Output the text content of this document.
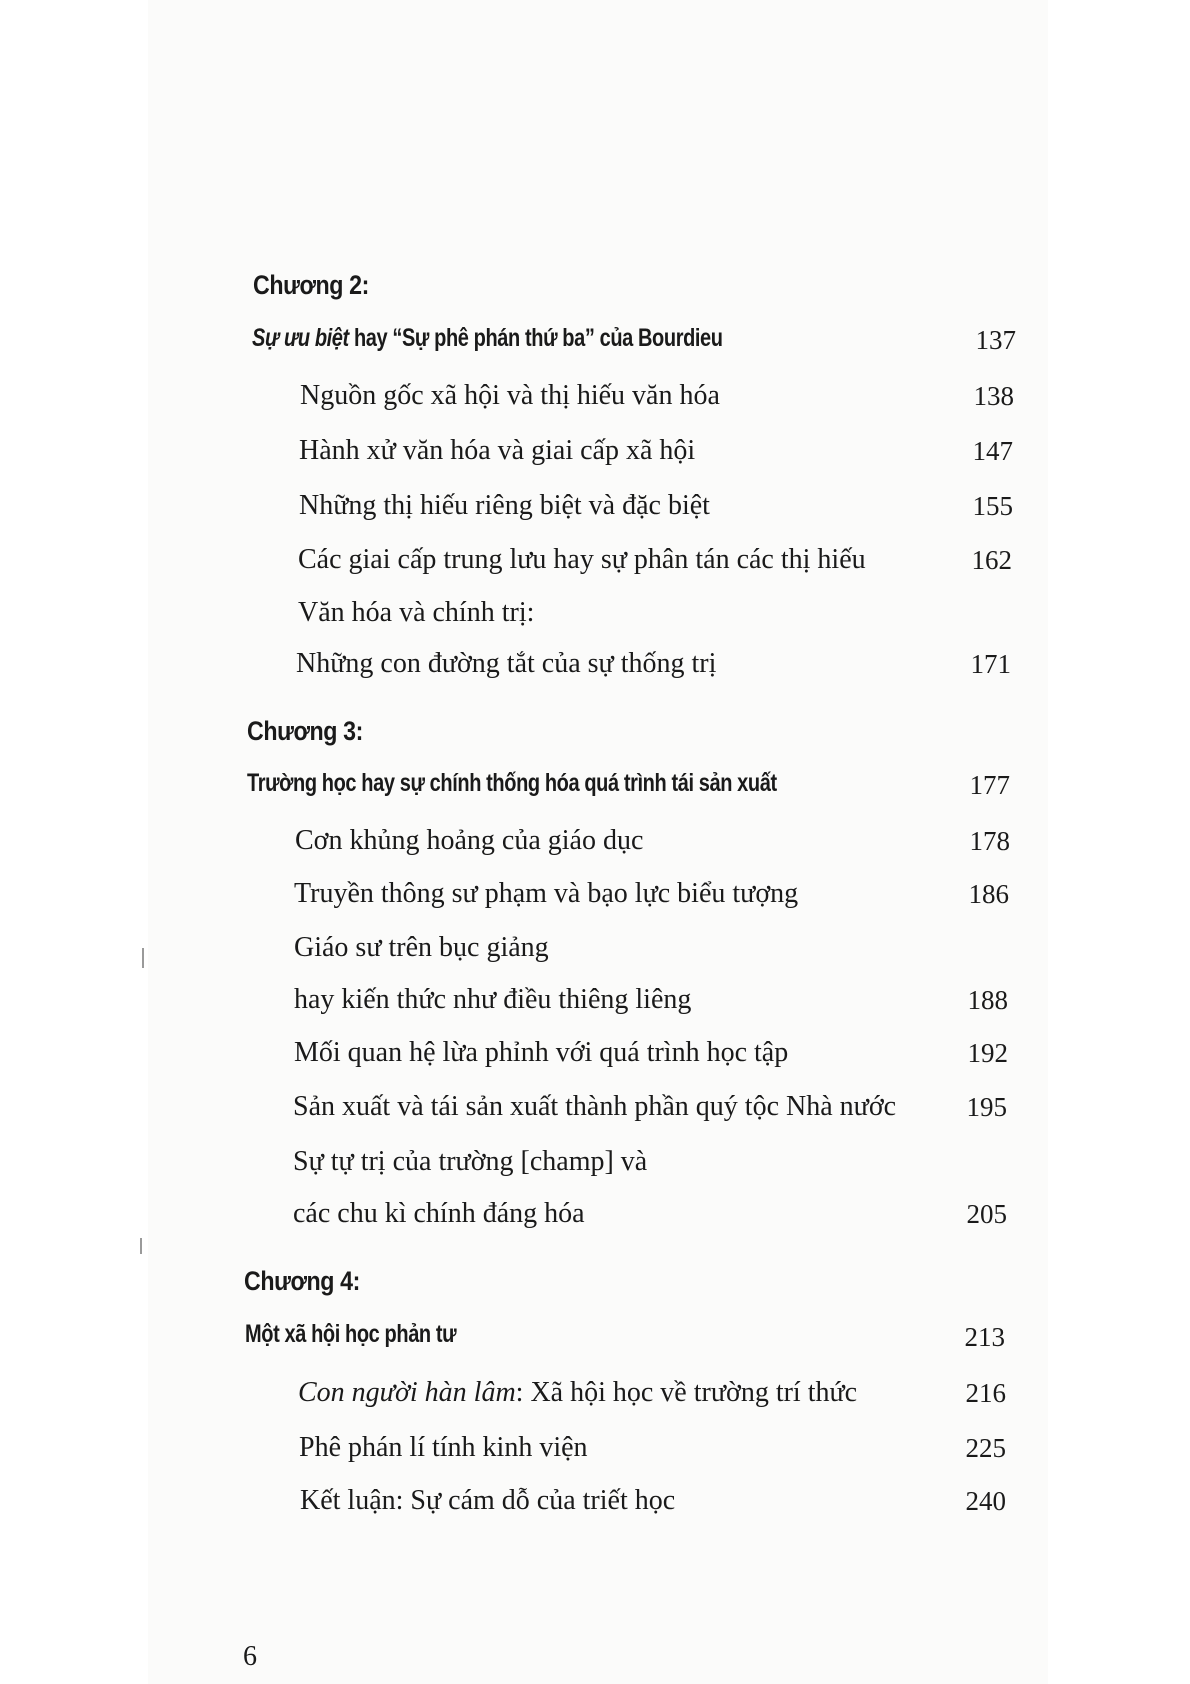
Chương 2:
Sự ưu biệt hay “Sự phê phán thứ ba” của Bourdieu	137
Nguồn gốc xã hội và thị hiếu văn hóa	138
Hành xử văn hóa và giai cấp xã hội	147
Những thị hiếu riêng biệt và đặc biệt	155
Các giai cấp trung lưu hay sự phân tán các thị hiếu	162
Văn hóa và chính trị:
Những con đường tắt của sự thống trị	171
Chương 3:
Trường học hay sự chính thống hóa quá trình tái sản xuất	177
Cơn khủng hoảng của giáo dục	178
Truyền thông sư phạm và bạo lực biểu tượng	186
Giáo sư trên bục giảng
hay kiến thức như điều thiêng liêng	188
Mối quan hệ lừa phỉnh với quá trình học tập	192
Sản xuất và tái sản xuất thành phần quý tộc Nhà nước	195
Sự tự trị của trường [champ] và
các chu kì chính đáng hóa	205
Chương 4:
Một xã hội học phản tư	213
Con người hàn lâm: Xã hội học về trường trí thức	216
Phê phán lí tính kinh viện	225
Kết luận: Sự cám dỗ của triết học	240
6
